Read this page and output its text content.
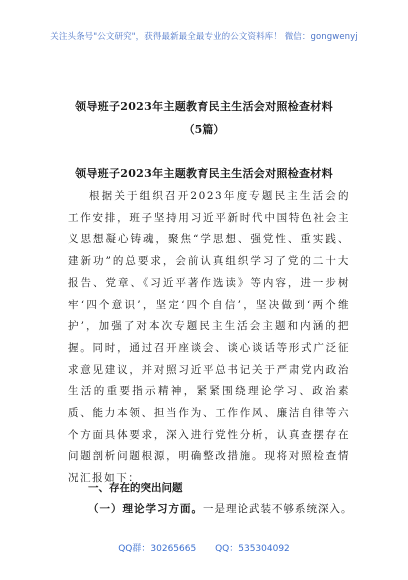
关注头条号"公文研究"，获得最新最全最专业的公文资料库！ 微信：gongwenyj
领导班子2023年主题教育民主生活会对照检查材料
（5篇）
领导班子2023年主题教育民主生活会对照检查材料
根据关于组织召开2023年度专题民主生活会的工作安排，班子坚持用习近平新时代中国特色社会主义思想凝心铸魂，聚焦“学思想、强党性、重实践、建新功”的总要求，会前认真组织学习了党的二十大报告、党章、《习近平著作选读》等内容，进一步树牢‘四个意识’，坚定‘四个自信’，坚决做到‘两个维护’，加强了对本次专题民主生活会主题和内涵的把握。同时，通过召开座谈会、谈心谈话等形式广泛征求意见建议，并对照习近平总书记关于严肃党内政治生活的重要指示精神，紧紧围绕理论学习、政治素质、能力本领、担当作为、工作作风、廉洁自律等六个方面具体要求，深入进行党性分析，认真查摆存在问题剖析问题根源，明确整改措施。现将对照检查情况汇报如下：
一、存在的突出问题
（一）理论学习方面。一是理论武装不够系统深入。
QQ群：30265665 QQ：535304092
